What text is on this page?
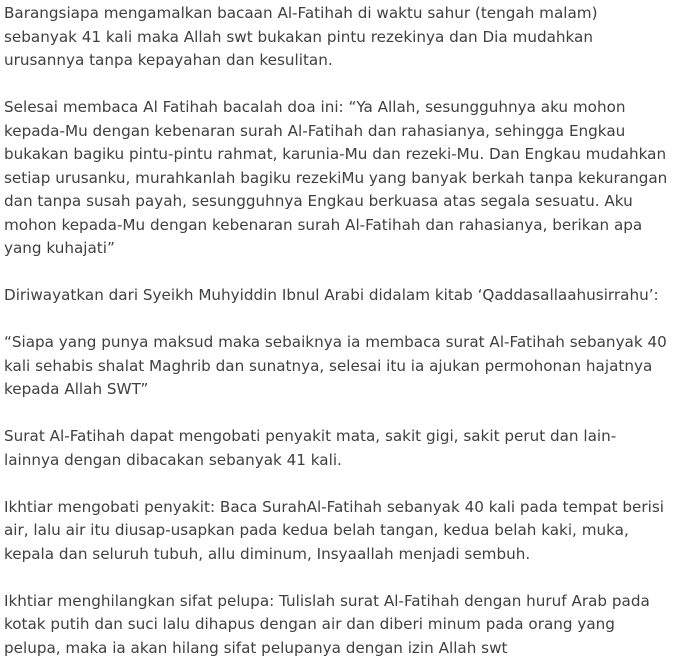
Barangsiapa mengamalkan bacaan Al-Fatihah di waktu sahur (tengah malam) sebanyak 41 kali maka Allah swt bukakan pintu rezekinya dan Dia mudahkan urusannya tanpa kepayahan dan kesulitan.

Selesai membaca Al Fatihah bacalah doa ini: “Ya Allah, sesungguhnya aku mohon kepada-Mu dengan kebenaran surah Al-Fatihah dan rahasianya, sehingga Engkau bukakan bagiku pintu-pintu rahmat, karunia-Mu dan rezeki-Mu. Dan Engkau mudahkan setiap urusanku, murahkanlah bagiku rezekiMu yang banyak berkah tanpa kekurangan dan tanpa susah payah, sesungguhnya Engkau berkuasa atas segala sesuatu. Aku mohon kepada-Mu dengan kebenaran surah Al-Fatihah dan rahasianya, berikan apa yang kuhajati”

Diriwayatkan dari Syeikh Muhyiddin Ibnul Arabi didalam kitab ‘Qaddasallaahusirrahu’:

“Siapa yang punya maksud maka sebaiknya ia membaca surat Al-Fatihah sebanyak 40 kali sehabis shalat Maghrib dan sunatnya, selesai itu ia ajukan permohonan hajatnya kepada Allah SWT”

Surat Al-Fatihah dapat mengobati penyakit mata, sakit gigi, sakit perut dan lain-lainnya dengan dibacakan sebanyak 41 kali.

Ikhtiar mengobati penyakit: Baca SurahAl-Fatihah sebanyak 40 kali pada tempat berisi air, lalu air itu diusap-usapkan pada kedua belah tangan, kedua belah kaki, muka, kepala dan seluruh tubuh, allu diminum, Insyaallah menjadi sembuh.

Ikhtiar menghilangkan sifat pelupa: Tulislah surat Al-Fatihah dengan huruf Arab pada kotak putih dan suci lalu dihapus dengan air dan diberi minum pada orang yang pelupa, maka ia akan hilang sifat pelupanya dengan izin Allah swt
